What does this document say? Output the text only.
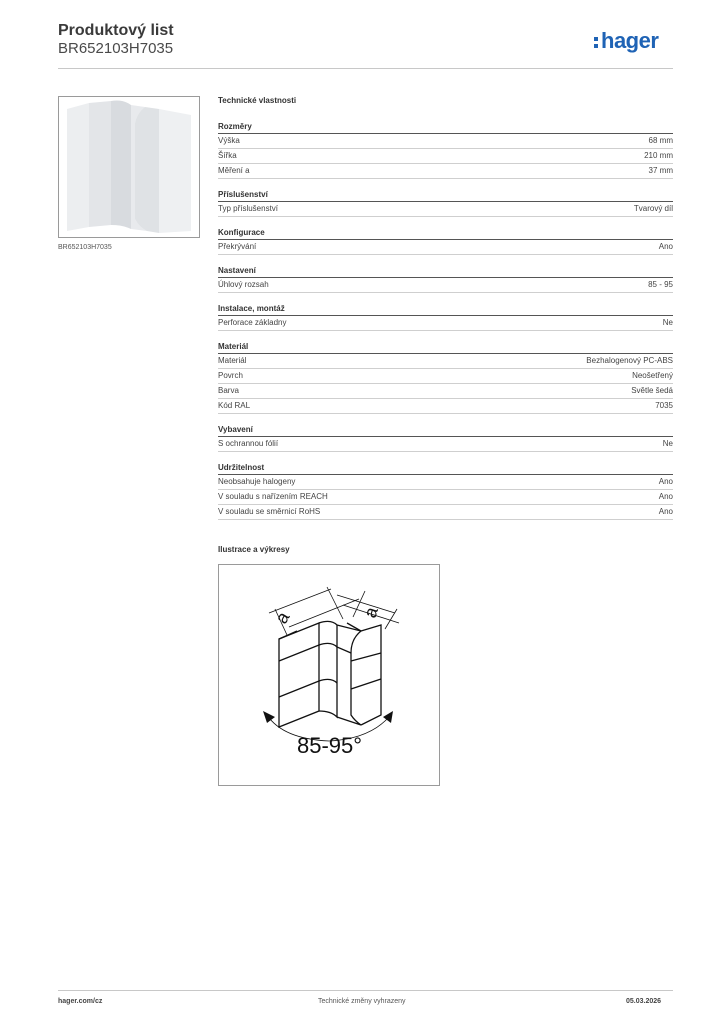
Produktový list
BR652103H7035	hager
BR652103H7035
Technické vlastnosti
Rozměry
Výška	68 mm
Šířka	210 mm
Měření a	37 mm
Příslušenství
Typ příslušenství	Tvarový díl
Konfigurace
Překrývání	Ano
Nastavení
Úhlový rozsah	85 - 95
Instalace, montáž
Perforace základny	Ne
Materiál
Materiál	Bezhalogenový PC-ABS
Povrch	Neošetřený
Barva	Světle šedá
Kód RAL	7035
Vybavení
S ochrannou fólií	Ne
Udržitelnost
Neobsahuje halogeny	Ano
V souladu s nařízením REACH	Ano
V souladu se směrnicí RoHS	Ano
Ilustrace a výkresy
a	a
85-95°
hager.com/cz	Technické změny vyhrazeny	05.03.2026
